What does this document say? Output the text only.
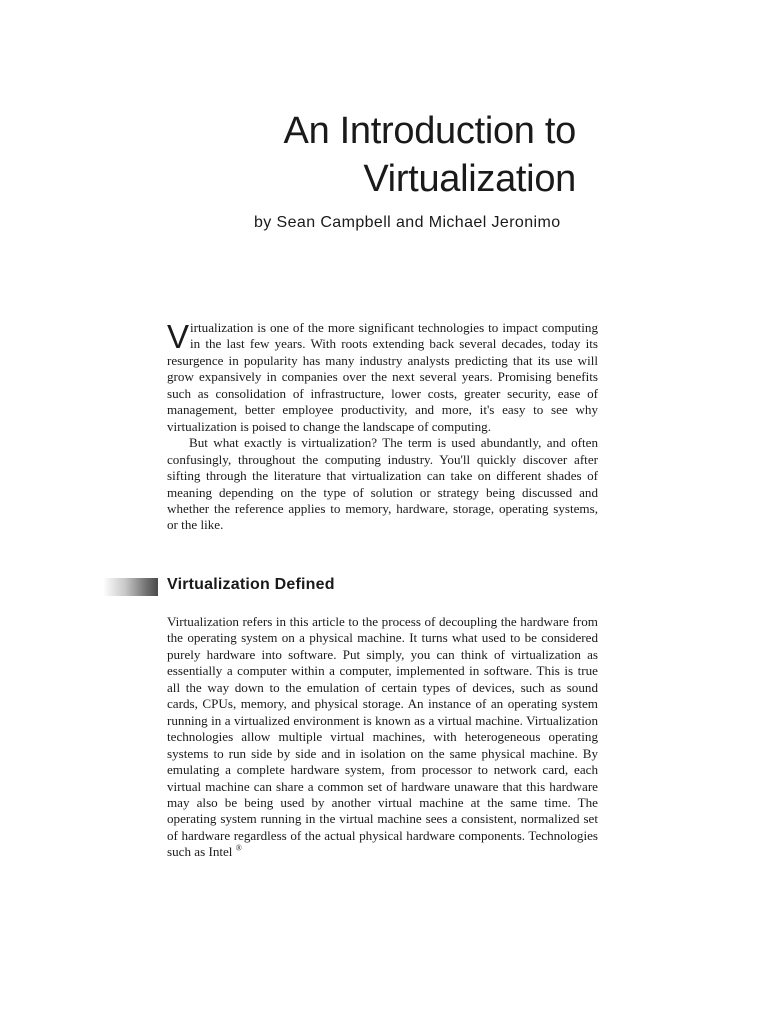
An Introduction to
Virtualization

by Sean Campbell and Michael Jeronimo

Virtualization is one of the more significant technologies to impact computing in the last few years. With roots extending back several decades, today its resurgence in popularity has many industry analysts predicting that its use will grow expansively in companies over the next several years. Promising benefits such as consolidation of infrastructure, lower costs, greater security, ease of management, better employee productivity, and more, it's easy to see why virtualization is poised to change the landscape of computing.

But what exactly is virtualization? The term is used abundantly, and often confusingly, throughout the computing industry. You'll quickly discover after sifting through the literature that virtualization can take on different shades of meaning depending on the type of solution or strategy being discussed and whether the reference applies to memory, hardware, storage, operating systems, or the like.

Virtualization Defined

Virtualization refers in this article to the process of decoupling the hardware from the operating system on a physical machine. It turns what used to be considered purely hardware into software. Put simply, you can think of virtualization as essentially a computer within a computer, implemented in software. This is true all the way down to the emulation of certain types of devices, such as sound cards, CPUs, memory, and physical storage. An instance of an operating system running in a virtualized environment is known as a virtual machine. Virtualization technologies allow multiple virtual machines, with heterogeneous operating systems to run side by side and in isolation on the same physical machine. By emulating a complete hardware system, from processor to network card, each virtual machine can share a common set of hardware unaware that this hardware may also be being used by another virtual machine at the same time. The operating system running in the virtual machine sees a consistent, normalized set of hardware regardless of the actual physical hardware components. Technologies such as Intel ®
